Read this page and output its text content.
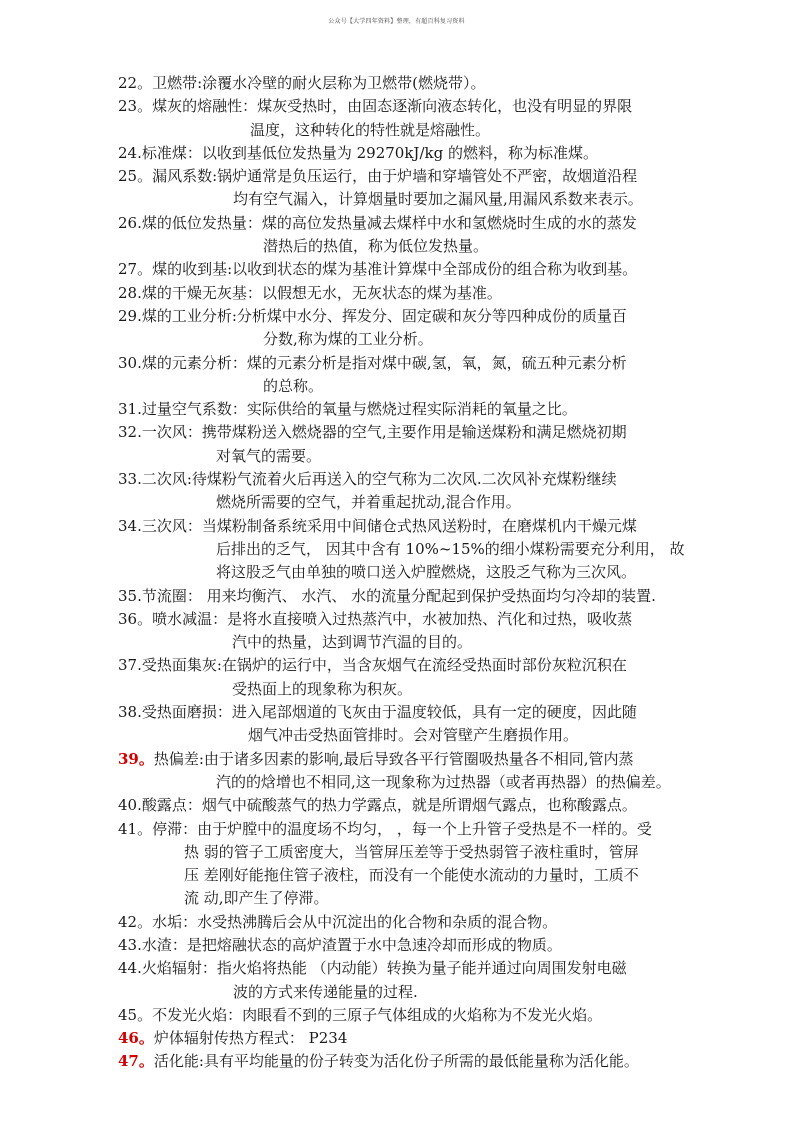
公众号【大学四年资料】整理，有超百科复习资料
22。卫燃带:涂覆水冷壁的耐火层称为卫燃带(燃烧带）。
23。煤灰的熔融性：煤灰受热时，由固态逐渐向液态转化，也没有明显的界限
温度，这种转化的特性就是熔融性。
24.标准煤：以收到基低位发热量为 29270kJ/kg 的燃料，称为标准煤。
25。漏风系数:锅炉通常是负压运行，由于炉墙和穿墙管处不严密，故烟道沿程
均有空气漏入，计算烟量时要加之漏风量,用漏风系数来表示。
26.煤的低位发热量：煤的高位发热量减去煤样中水和氢燃烧时生成的水的蒸发
潜热后的热值，称为低位发热量。
27。煤的收到基:以收到状态的煤为基准计算煤中全部成份的组合称为收到基。
28.煤的干燥无灰基：以假想无水，无灰状态的煤为基准。
29.煤的工业分析:分析煤中水分、挥发分、固定碳和灰分等四种成份的质量百
分数,称为煤的工业分析。
30.煤的元素分析：煤的元素分析是指对煤中碳,氢，氧，氮，硫五种元素分析
的总称。
31.过量空气系数：实际供给的氧量与燃烧过程实际消耗的氧量之比。
32.一次风：携带煤粉送入燃烧器的空气,主要作用是输送煤粉和满足燃烧初期
对氧气的需要。
33.二次风:待煤粉气流着火后再送入的空气称为二次风.二次风补充煤粉继续
燃烧所需要的空气，并着重起扰动,混合作用。
34.三次风：当煤粉制备系统采用中间储仓式热风送粉时，在磨煤机内干燥元煤
后排出的乏气， 因其中含有 10%~15%的细小煤粉需要充分利用， 故
将这股乏气由单独的喷口送入炉膛燃烧，这股乏气称为三次风。
35.节流圈： 用来均衡汽、 水汽、 水的流量分配起到保护受热面均匀冷却的装置.
36。喷水减温：是将水直接喷入过热蒸汽中，水被加热、汽化和过热，吸收蒸
汽中的热量，达到调节汽温的目的。
37.受热面集灰:在锅炉的运行中，当含灰烟气在流经受热面时部份灰粒沉积在
受热面上的现象称为积灰。
38.受热面磨损：进入尾部烟道的飞灰由于温度较低，具有一定的硬度，因此随
烟气冲击受热面管排时。会对管壁产生磨损作用。
39。热偏差:由于诸多因素的影响,最后导致各平行管圈吸热量各不相同,管内蒸
汽的的焓增也不相同,这一现象称为过热器（或者再热器）的热偏差。
40.酸露点：烟气中硫酸蒸气的热力学露点，就是所谓烟气露点，也称酸露点。
41。停滞：由于炉膛中的温度场不均匀， ，每一个上升管子受热是不一样的。受
热 弱的管子工质密度大，当管屏压差等于受热弱管子液柱重时，管屏
压 差刚好能拖住管子液柱，而没有一个能使水流动的力量时，工质不
流 动,即产生了停滞。
42。水垢：水受热沸腾后会从中沉淀出的化合物和杂质的混合物。
43.水渣：是把熔融状态的高炉渣置于水中急速冷却而形成的物质。
44.火焰辐射：指火焰将热能 （内动能）转换为量子能并通过向周围发射电磁
波的方式来传递能量的过程.
45。不发光火焰：肉眼看不到的三原子气体组成的火焰称为不发光火焰。
46。炉体辐射传热方程式： P234
47。活化能:具有平均能量的份子转变为活化份子所需的最低能量称为活化能。
